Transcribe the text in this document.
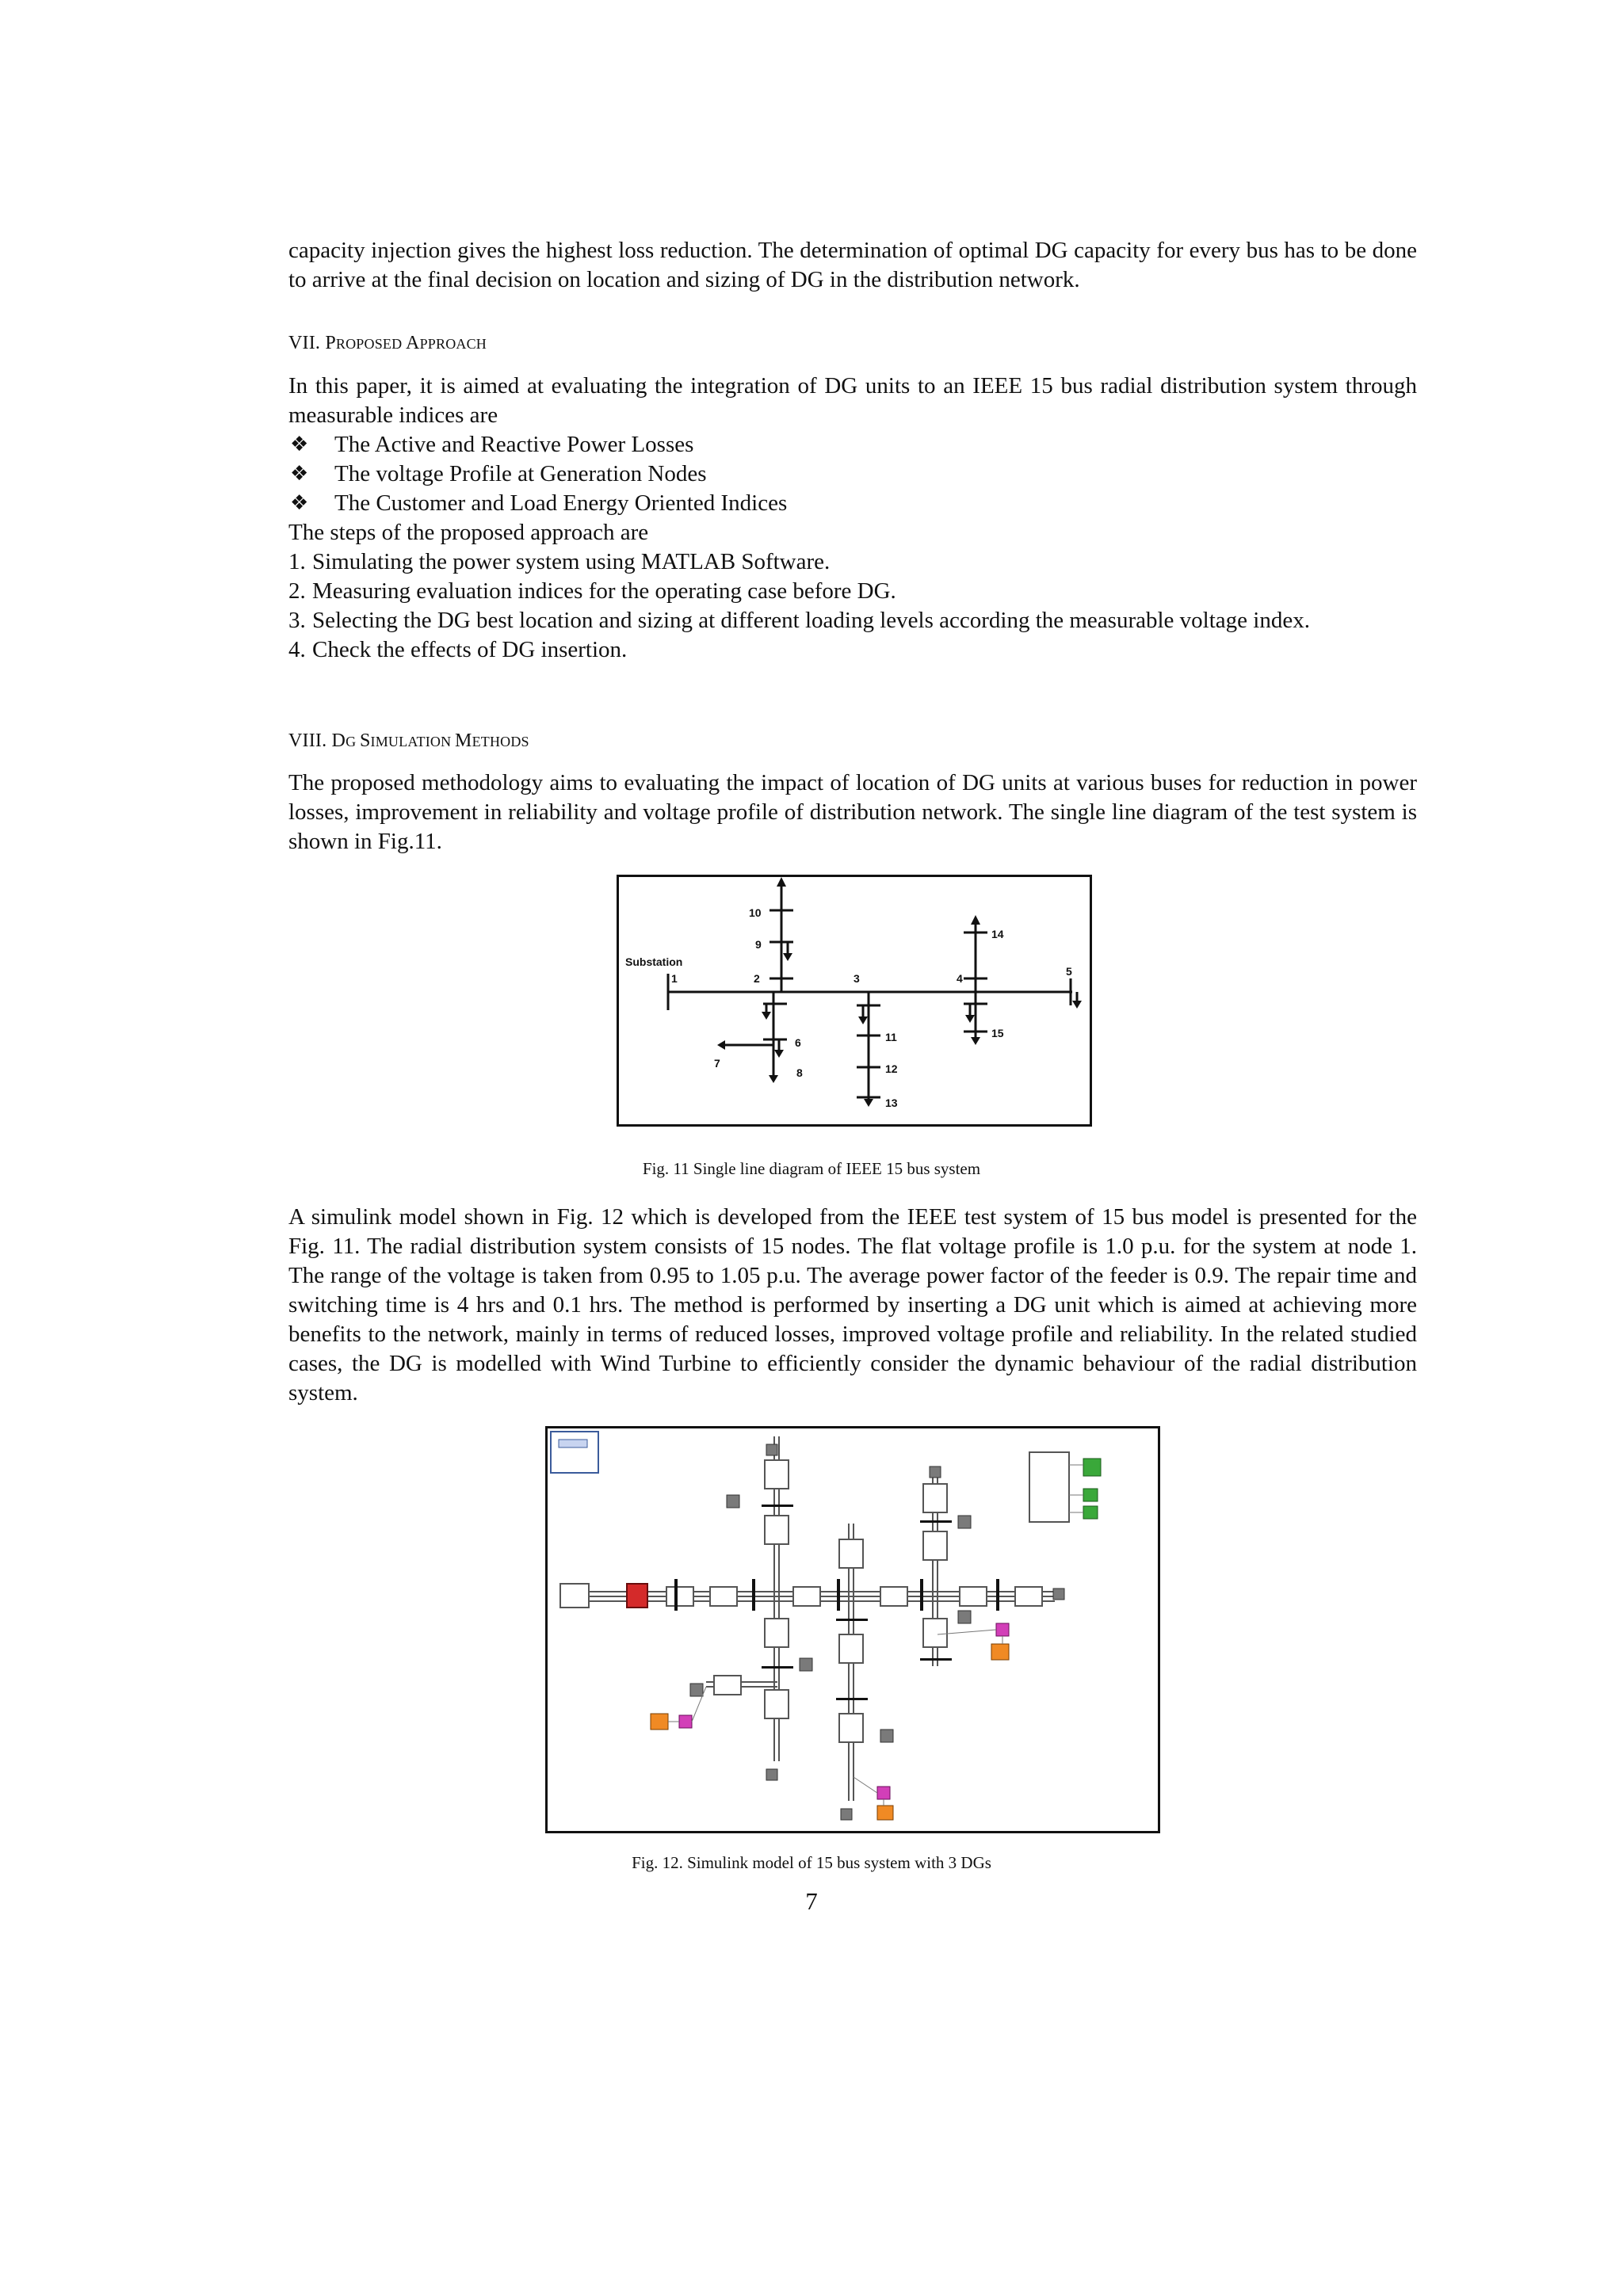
capacity injection gives the highest loss reduction. The determination of optimal DG capacity for every bus has to be done to arrive at the final decision on location and sizing of DG in the distribution network.

VII. PROPOSED APPROACH

In this paper, it is aimed at evaluating the integration of DG units to an IEEE 15 bus radial distribution system through measurable indices are

❖	The Active and Reactive Power Losses
❖	The voltage Profile at Generation Nodes
❖	The Customer and Load Energy Oriented Indices

The steps of the proposed approach are

1. Simulating the power system using MATLAB Software.
2. Measuring evaluation indices for the operating case before DG.
3. Selecting the DG best location and sizing at different loading levels according the measurable voltage index.
4. Check the effects of DG insertion.

VIII. DG SIMULATION METHODS

The proposed methodology aims to evaluating the impact of location of DG units at various buses for reduction in power losses, improvement in reliability and voltage profile of distribution network. The single line diagram of the test system is shown in Fig.11.

Substation
1	2	3	4
5
6
7
8
9
10
11
12
13
14
15
Fig. 11 Single line diagram of IEEE 15 bus system

A simulink model shown in Fig. 12 which is developed from the IEEE test system of 15 bus model is presented for the Fig. 11. The radial distribution system consists of 15 nodes. The flat voltage profile is 1.0 p.u. for the system at node 1. The range of the voltage is taken from 0.95 to 1.05 p.u. The average power factor of the feeder is 0.9. The repair time and switching time is 4 hrs and 0.1 hrs. The method is performed by inserting a DG unit which is aimed at achieving more benefits to the network, mainly in terms of reduced losses, improved voltage profile and reliability. In the related studied cases, the DG is modelled with Wind Turbine to efficiently consider the dynamic behaviour of the radial distribution system.

Fig. 12. Simulink model of 15 bus system with 3 DGs
7
